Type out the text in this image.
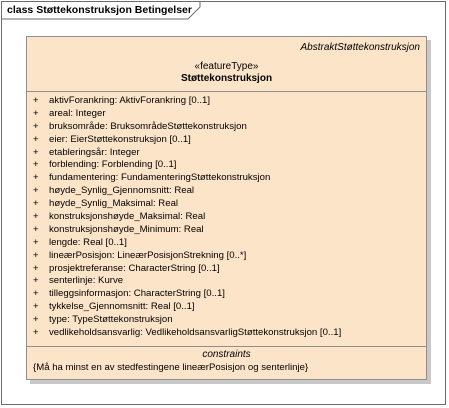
class Støttekonstruksjon Betingelser
AbstraktStøttekonstruksjon
«featureType»
Støttekonstruksjon
+ aktivForankring: AktivForankring [0..1]
+ areal: Integer
+ bruksområde: BruksområdeStøttekonstruksjon
+ eier: EierStøttekonstruksjon [0..1]
+ etableringsår: Integer
+ forblending: Forblending [0..1]
+ fundamentering: FundamenteringStøttekonstruksjon
+ høyde_Synlig_Gjennomsnitt: Real
+ høyde_Synlig_Maksimal: Real
+ konstruksjonshøyde_Maksimal: Real
+ konstruksjonshøyde_Minimum: Real
+ lengde: Real [0..1]
+ lineærPosisjon: LineærPosisjonStrekning [0..*]
+ prosjektreferanse: CharacterString [0..1]
+ senterlinje: Kurve
+ tilleggsinformasjon: CharacterString [0..1]
+ tykkelse_Gjennomsnitt: Real [0..1]
+ type: TypeStøttekonstruksjon
+ vedlikeholdsansvarlig: VedlikeholdsansvarligStøttekonstruksjon [0..1]
constraints
{Må ha minst en av stedfestingene lineærPosisjon og senterlinje}
